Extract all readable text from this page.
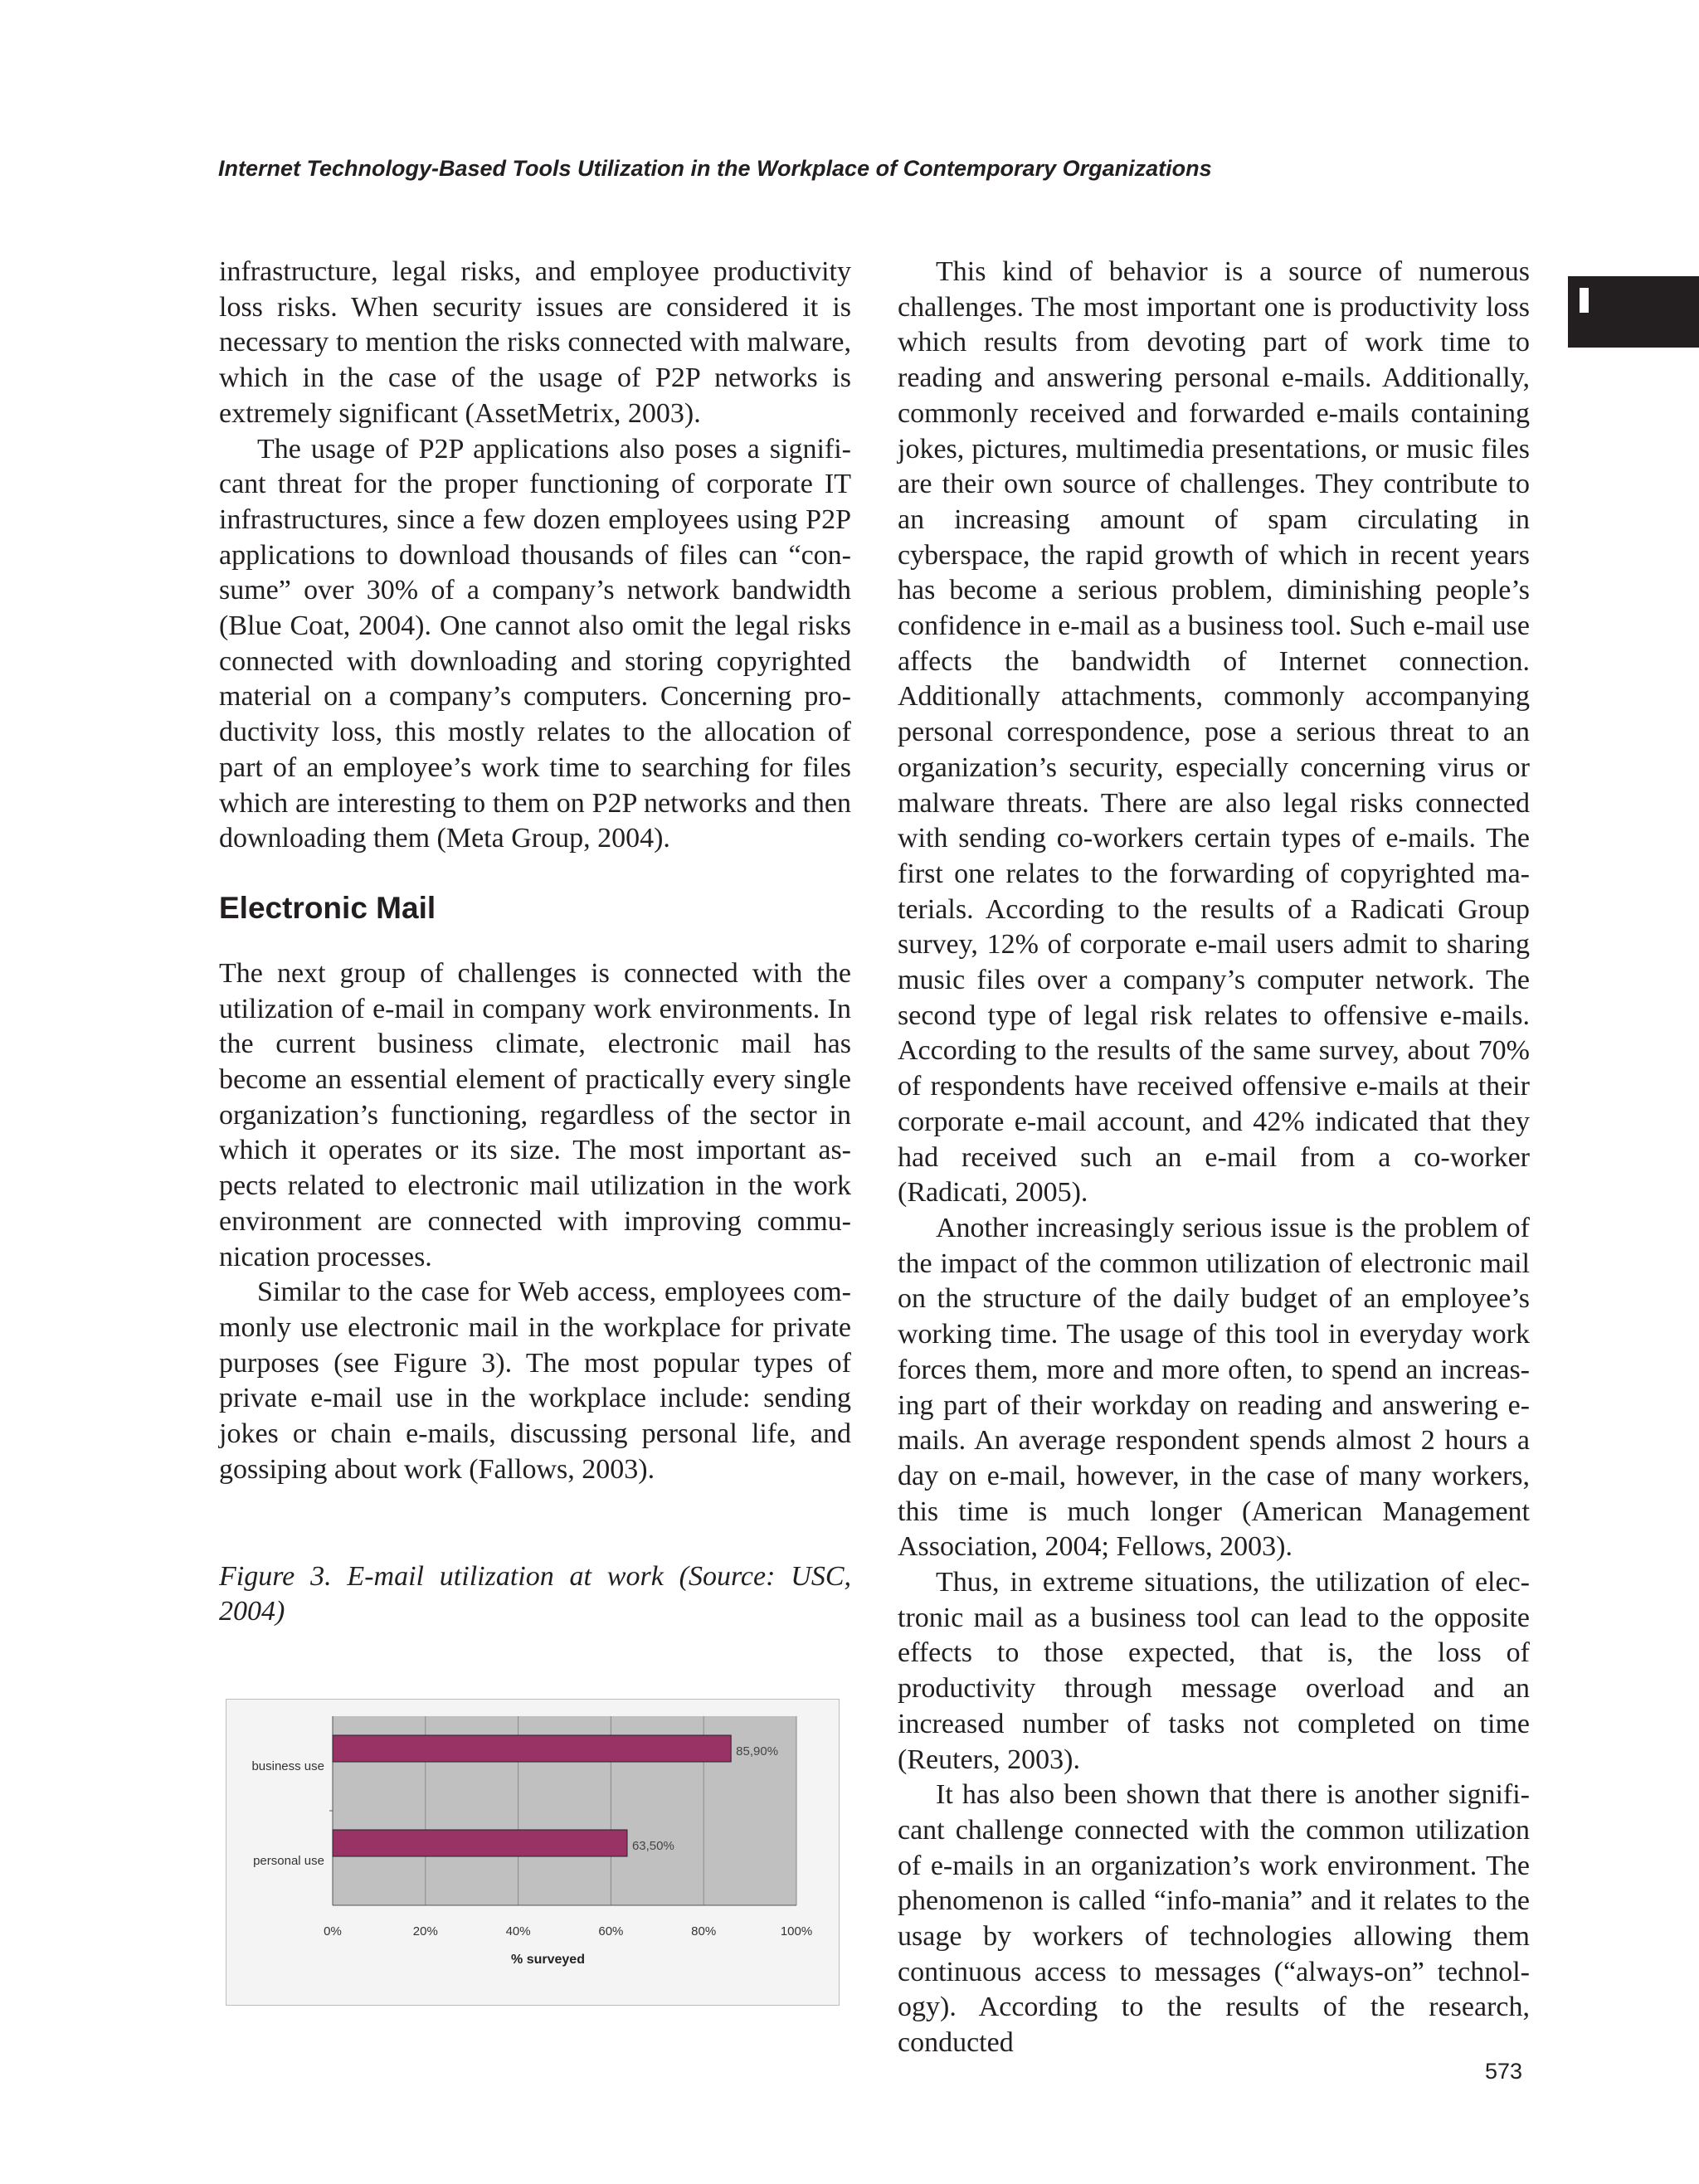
Internet Technology-Based Tools Utilization in the Workplace of Contemporary Organizations

infrastructure, legal risks, and employee productivity loss risks. When security issues are considered it is necessary to mention the risks connected with malware, which in the case of the usage of P2P networks is extremely significant (AssetMetrix, 2003).

The usage of P2P applications also poses a significant threat for the proper functioning of corporate IT infrastructures, since a few dozen employees using P2P applications to download thousands of files can “consume” over 30% of a company’s network bandwidth (Blue Coat, 2004). One cannot also omit the legal risks connected with downloading and storing copyrighted material on a company’s computers. Concerning productivity loss, this mostly relates to the allocation of part of an employee’s work time to searching for files which are interesting to them on P2P networks and then downloading them (Meta Group, 2004).

Electronic Mail

The next group of challenges is connected with the utilization of e-mail in company work environments. In the current business climate, electronic mail has become an essential element of practically every single organization’s functioning, regardless of the sector in which it operates or its size. The most important aspects related to electronic mail utilization in the work environment are connected with improving communication processes.

Similar to the case for Web access, employees commonly use electronic mail in the workplace for private purposes (see Figure 3). The most popular types of private e-mail use in the workplace include: sending jokes or chain e-mails, discussing personal life, and gossiping about work (Fallows, 2003).

Figure 3. E-mail utilization at work (Source: USC, 2004)

0%	20%	40%	60%	80%	100%
85,90%
business use
63,50%
personal use
% surveyed

This kind of behavior is a source of numerous challenges. The most important one is productivity loss which results from devoting part of work time to reading and answering personal e-mails. Additionally, commonly received and forwarded e-mails containing jokes, pictures, multimedia presentations, or music files are their own source of challenges. They contribute to an increasing amount of spam circulating in cyberspace, the rapid growth of which in recent years has become a serious problem, diminishing people’s confidence in e-mail as a business tool. Such e-mail use affects the bandwidth of Internet connection. Additionally attachments, commonly accompanying personal correspondence, pose a serious threat to an organization’s security, especially concerning virus or malware threats. There are also legal risks connected with sending co-workers certain types of e-mails. The first one relates to the forwarding of copyrighted materials. According to the results of a Radicati Group survey, 12% of corporate e-mail users admit to sharing music files over a company’s computer network. The second type of legal risk relates to offensive e-mails. According to the results of the same survey, about 70% of respondents have received offensive e-mails at their corporate e-mail account, and 42% indicated that they had received such an e-mail from a co-worker (Radicati, 2005).

Another increasingly serious issue is the problem of the impact of the common utilization of electronic mail on the structure of the daily budget of an employee’s working time. The usage of this tool in everyday work forces them, more and more often, to spend an increasing part of their workday on reading and answering e-mails. An average respondent spends almost 2 hours a day on e-mail, however, in the case of many workers, this time is much longer (American Management Association, 2004; Fellows, 2003).

Thus, in extreme situations, the utilization of electronic mail as a business tool can lead to the opposite effects to those expected, that is, the loss of productivity through message overload and an increased number of tasks not completed on time (Reuters, 2003).

It has also been shown that there is another significant challenge connected with the common utilization of e-mails in an organization’s work environment. The phenomenon is called “info-mania” and it relates to the usage by workers of technologies allowing them continuous access to messages (“always-on” technology). According to the results of the research, conducted

573
